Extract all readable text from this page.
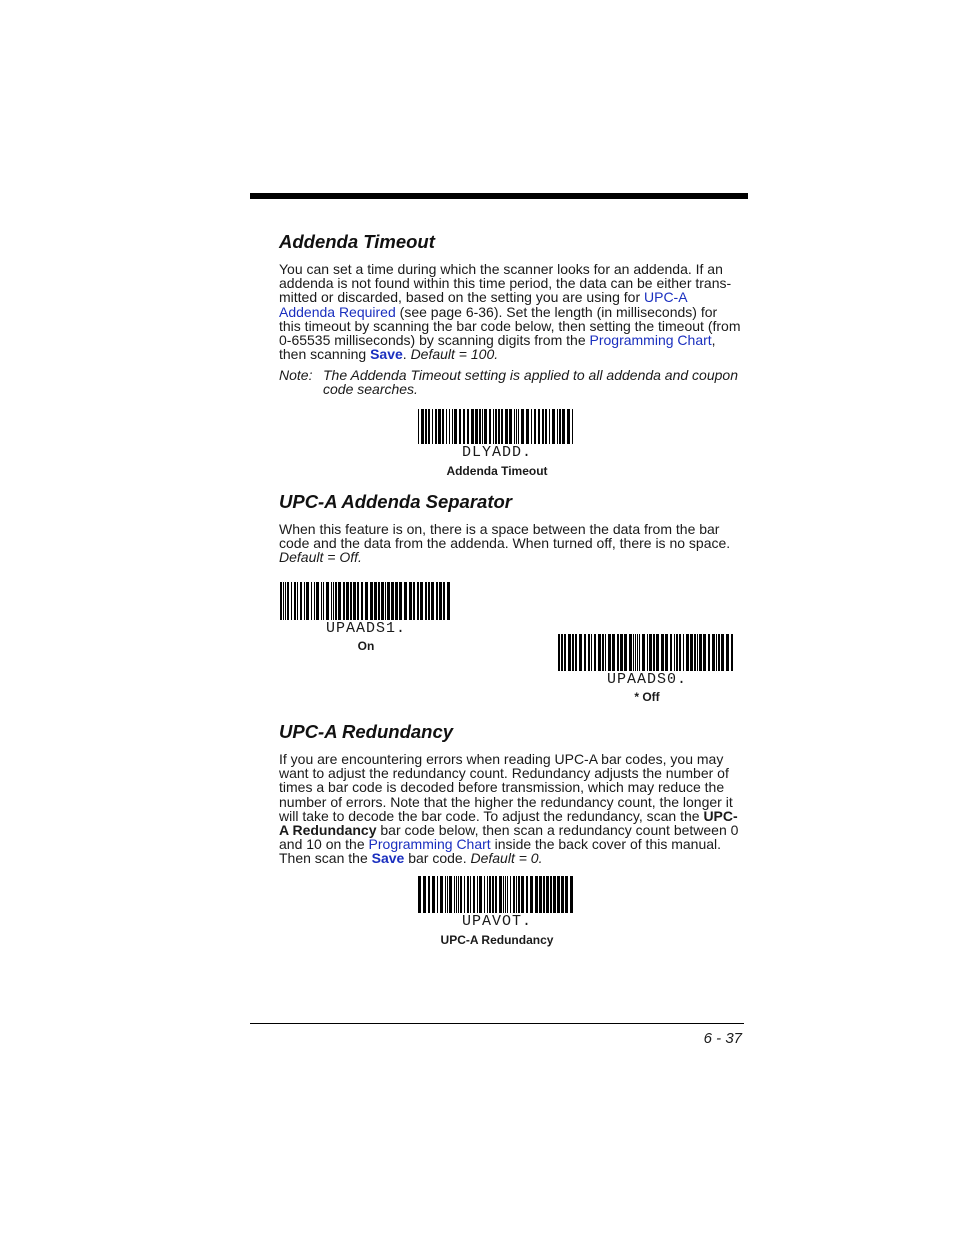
Addenda Timeout

You can set a time during which the scanner looks for an addenda. If an addenda is not found within this time period, the data can be either trans-mitted or discarded, based on the setting you are using for UPC-A Addenda Required (see page 6-36). Set the length (in milliseconds) for this timeout by scanning the bar code below, then setting the timeout (from 0-65535 milliseconds) by scanning digits from the Programming Chart, then scanning Save. Default = 100.

Note: The Addenda Timeout setting is applied to all addenda and coupon code searches.
DLYADD.
Addenda Timeout
UPC-A Addenda Separator

When this feature is on, there is a space between the data from the bar code and the data from the addenda. When turned off, there is no space. Default = Off.

UPAADS1.
On
UPAADS0.
* Off
UPC-A Redundancy

If you are encountering errors when reading UPC-A bar codes, you may want to adjust the redundancy count. Redundancy adjusts the number of times a bar code is decoded before transmission, which may reduce the number of errors. Note that the higher the redundancy count, the longer it will take to decode the bar code. To adjust the redundancy, scan the UPC-A Redundancy bar code below, then scan a redundancy count between 0 and 10 on the Programming Chart inside the back cover of this manual. Then scan the Save bar code. Default = 0.

UPAVOT.
UPC-A Redundancy
6 - 37
